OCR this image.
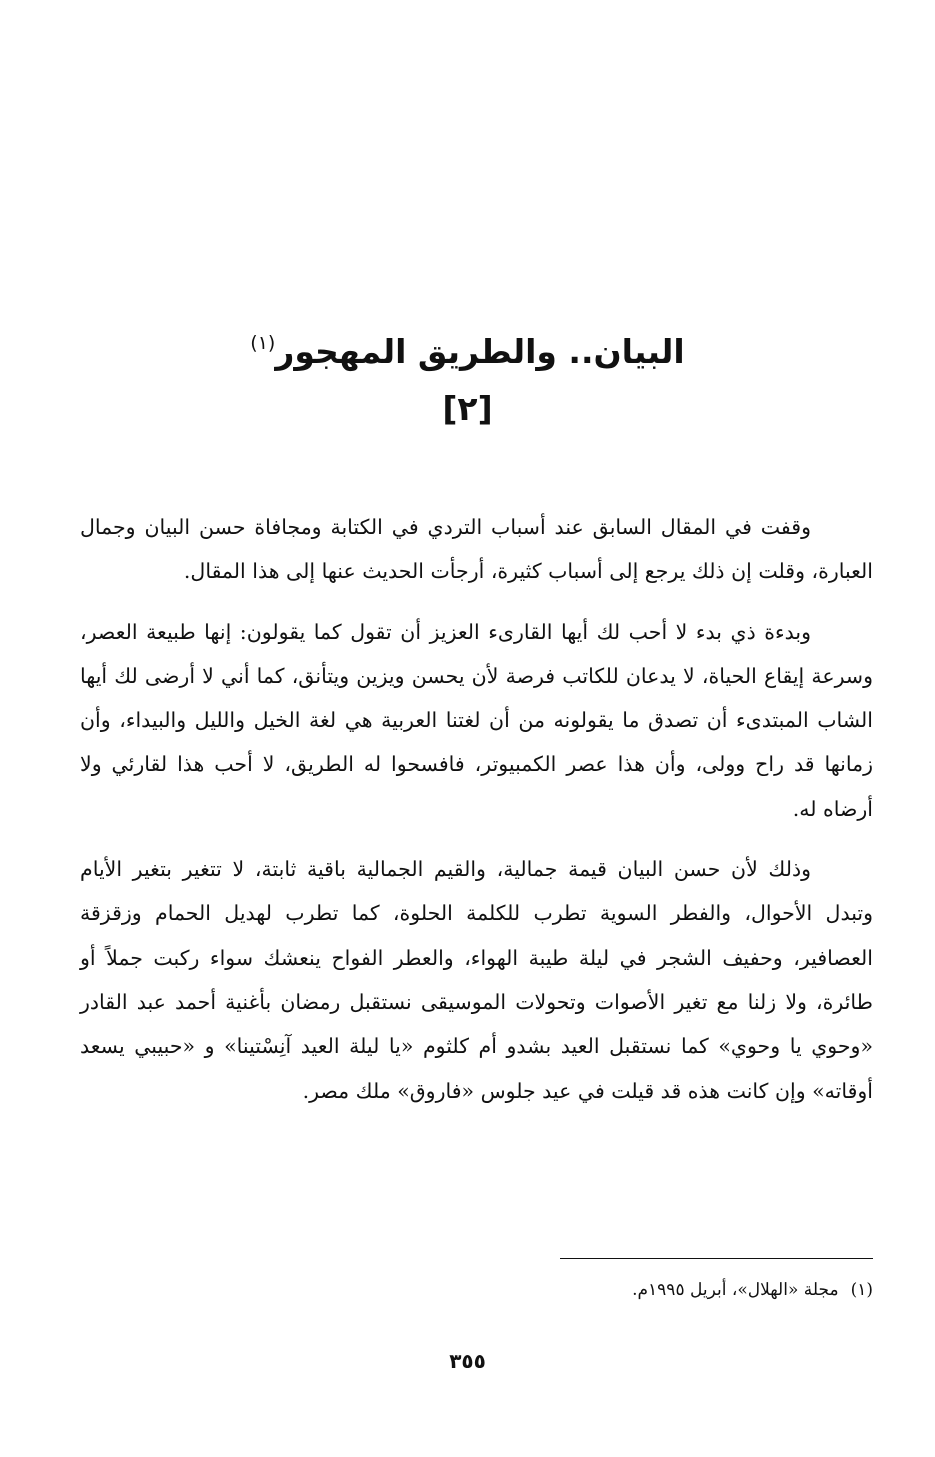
البيان.. والطريق المهجور$^{(١)}$
[٢]

وقفت في المقال السابق عند أسباب التردي في الكتابة ومجافاة حسن البيان وجمال العبارة، وقلت إن ذلك يرجع إلى أسباب كثيرة، أرجأت الحديث عنها إلى هذا المقال.

وبدءة ذي بدء لا أحب لك أيها القارىء العزيز أن تقول كما يقولون: إنها طبيعة العصر، وسرعة إيقاع الحياة، لا يدعان للكاتب فرصة لأن يحسن ويزين ويتأنق، كما أني لا أرضى لك أيها الشاب المبتدىء أن تصدق ما يقولونه من أن لغتنا العربية هي لغة الخيل والليل والبيداء، وأن زمانها قد راح وولى، وأن هذا عصر الكمبيوتر، فافسحوا له الطريق، لا أحب هذا لقارئي ولا أرضاه له.

وذلك لأن حسن البيان قيمة جمالية، والقيم الجمالية باقية ثابتة، لا تتغير بتغير الأيام وتبدل الأحوال، والفطر السوية تطرب للكلمة الحلوة، كما تطرب لهديل الحمام وزقزقة العصافير، وحفيف الشجر في ليلة طيبة الهواء، والعطر الفواح ينعشك سواء ركبت جملاً أو طائرة، ولا زلنا مع تغير الأصوات وتحولات الموسيقى نستقبل رمضان بأغنية أحمد عبد القادر «وحوي يا وحوي» كما نستقبل العيد بشدو أم كلثوم «يا ليلة العيد آنِسْتينا» و «حبيبي يسعد أوقاته» وإن كانت هذه قد قيلت في عيد جلوس «فاروق» ملك مصر.

(١)مجلة «الهلال»، أبريل ١٩٩٥م.
٣٥٥
